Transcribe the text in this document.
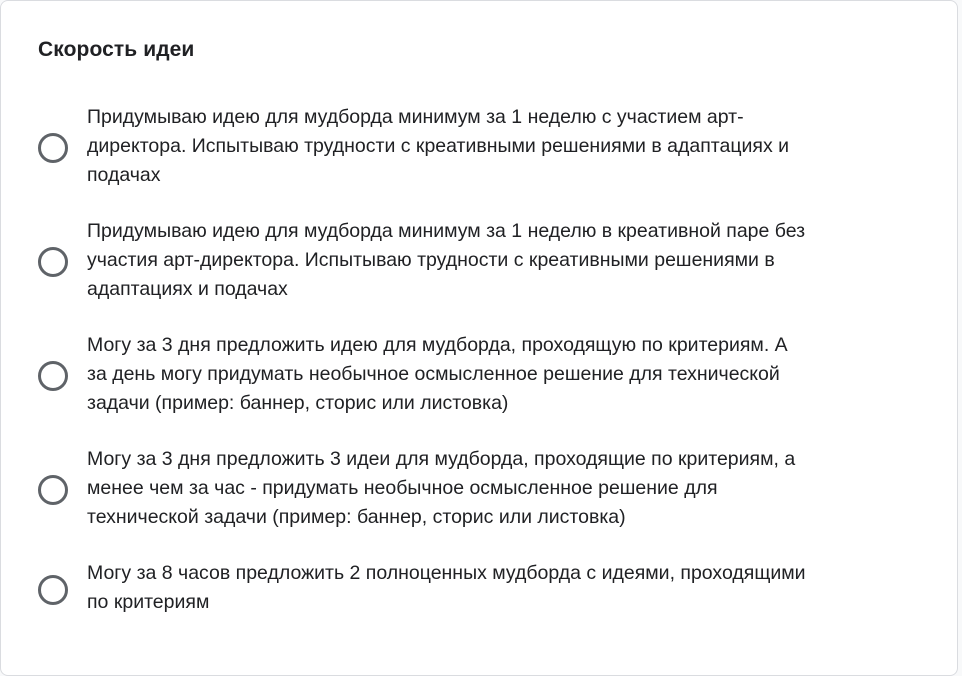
Скорость идеи
Придумываю идею для мудборда минимум за 1 неделю с участием арт-
директора. Испытываю трудности с креативными решениями в адаптациях и
подачах
Придумываю идею для мудборда минимум за 1 неделю в креативной паре без
участия арт-директора. Испытываю трудности с креативными решениями в
адаптациях и подачах
Могу за 3 дня предложить идею для мудборда, проходящую по критериям. А
за день могу придумать необычное осмысленное решение для технической
задачи (пример: баннер, сторис или листовка)
Могу за 3 дня предложить 3 идеи для мудборда, проходящие по критериям, а
менее чем за час - придумать необычное осмысленное решение для
технической задачи (пример: баннер, сторис или листовка)
Могу за 8 часов предложить 2 полноценных мудборда с идеями, проходящими
по критериям
